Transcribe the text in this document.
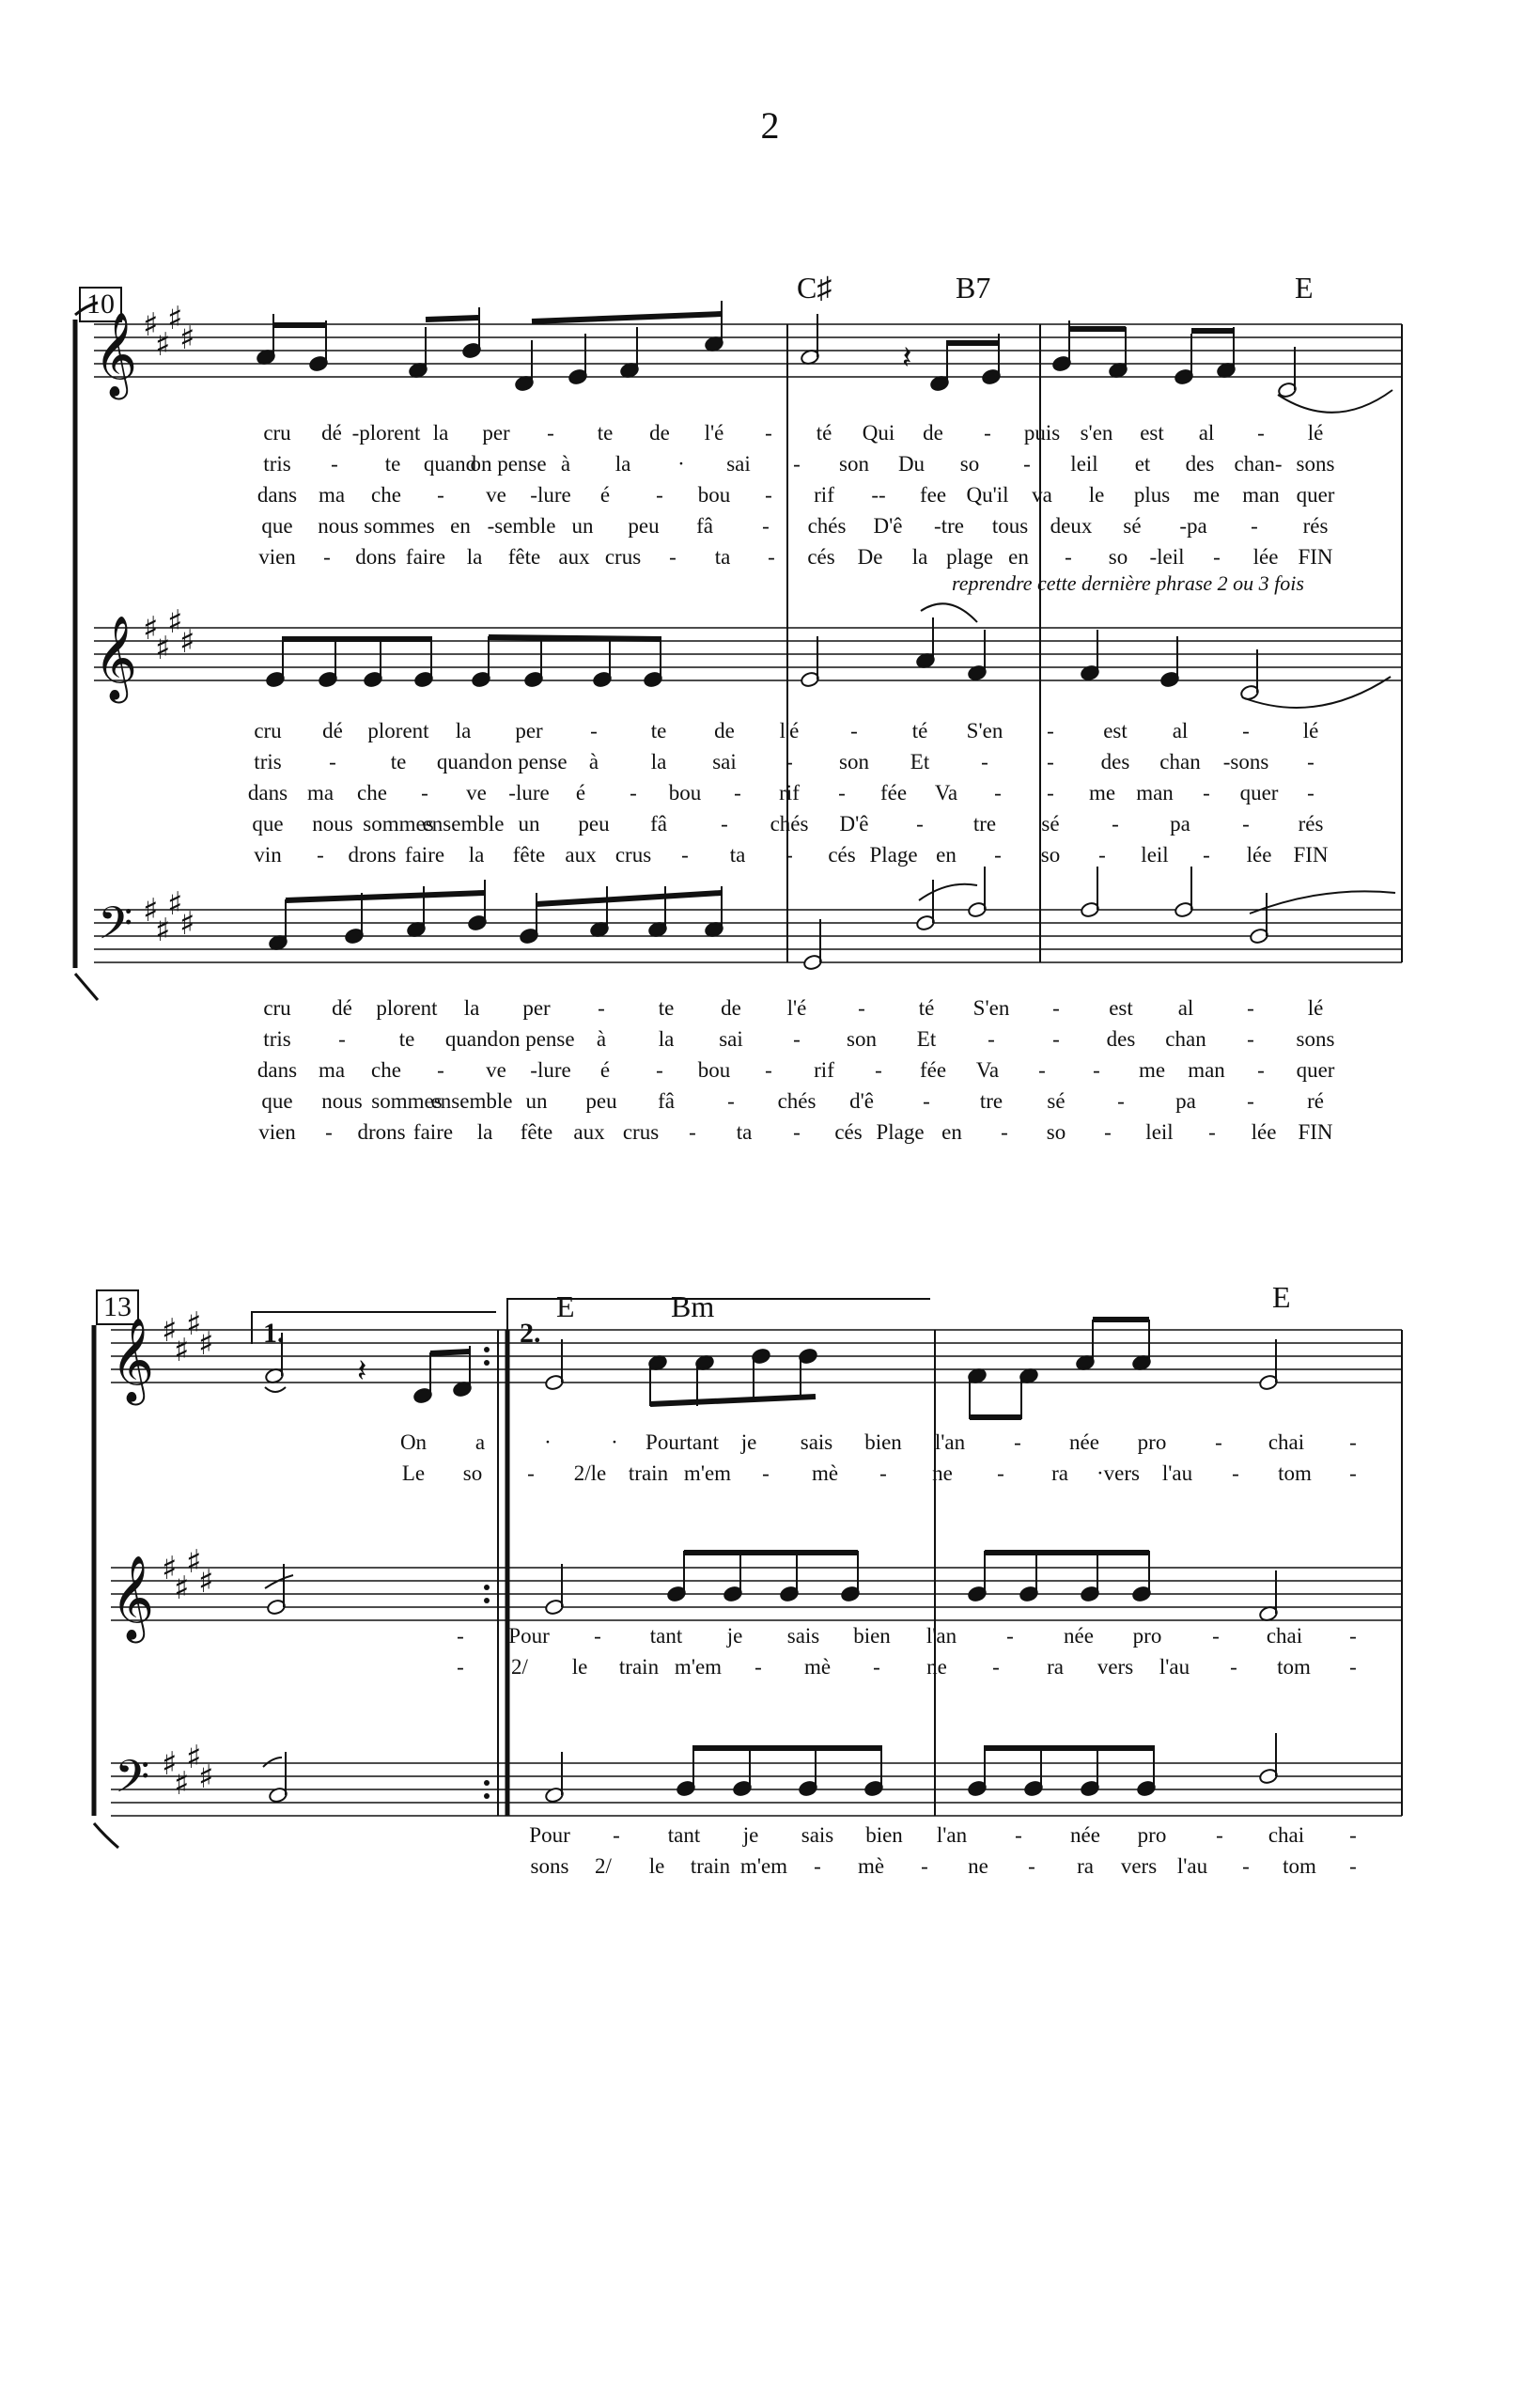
2
10	C♯	B7	E
13
1.	2.
E	Bm	E
reprendre cette dernière phrase 2 ou 3 fois
cru dé -plorent la per - te de l'é - té Qui de - puis s'en est al - lé
tris - te quand
on pense à la · sai - son Du so - leil et des chan- sons
dans ma che - ve -lure é - bou - rif -- fee Qu'il va le plus me man quer
que nous sommes en -semble un peu fâ - chés D'ê -tre tous deux sé -pa - rés
vien - dons faire la fête aux crus - ta - cés De la plage en - so -leil - lée FIN
cru dé plorent la per - te de l'é -	té S'en - est al	- lé
tris -	te quand on pense à la sai - son Et -	- des chan -sons -
dans ma che - ve -lure é - bou - rif - fée Va - - me man - quer -
que nous sommes
ensemble un peu fâ - chés D'ê - tre sé - pa - rés
vin - drons faire la fête aux crus - ta - cés Plage en - so - leil - lée FIN
cru dé plorent la per - te de l'é - té S'en - est al - lé
tris - te quand on pense à la sai - son Et -	- des chan - sons
dans ma che - ve -lure é - bou - rif - fée Va - - me man - quer
que nous sommes
ensemble un peu fâ - chés d'ê - tre sé - pa - ré
vien - drons faire la fête aux crus - ta - cés Plage en - so - leil - lée FIN
On a	·	· Pourtant je sais bien l'an - née pro - chai -
Le so - 2/le train m'em - mè - ne - ra ·vers l'au - tom -
- Pour - tant je sais bien l'an - née pro - chai -
- 2/ le train m'em - mè - ne - ra vers l'au - tom -
Pour - tant je sais bien l'an - née pro - chai -
sons 2/ le train m'em - mè - ne - ra vers l'au - tom -
𝄞
𝄞
𝄢
♯
♯
♯
♯
♯
♯
♯
♯
♯
♯
♯
♯
𝄽
𝄞
𝄞
𝄢
♯
♯
♯
♯
♯
♯
♯
♯
♯
♯
♯
♯
𝄽
